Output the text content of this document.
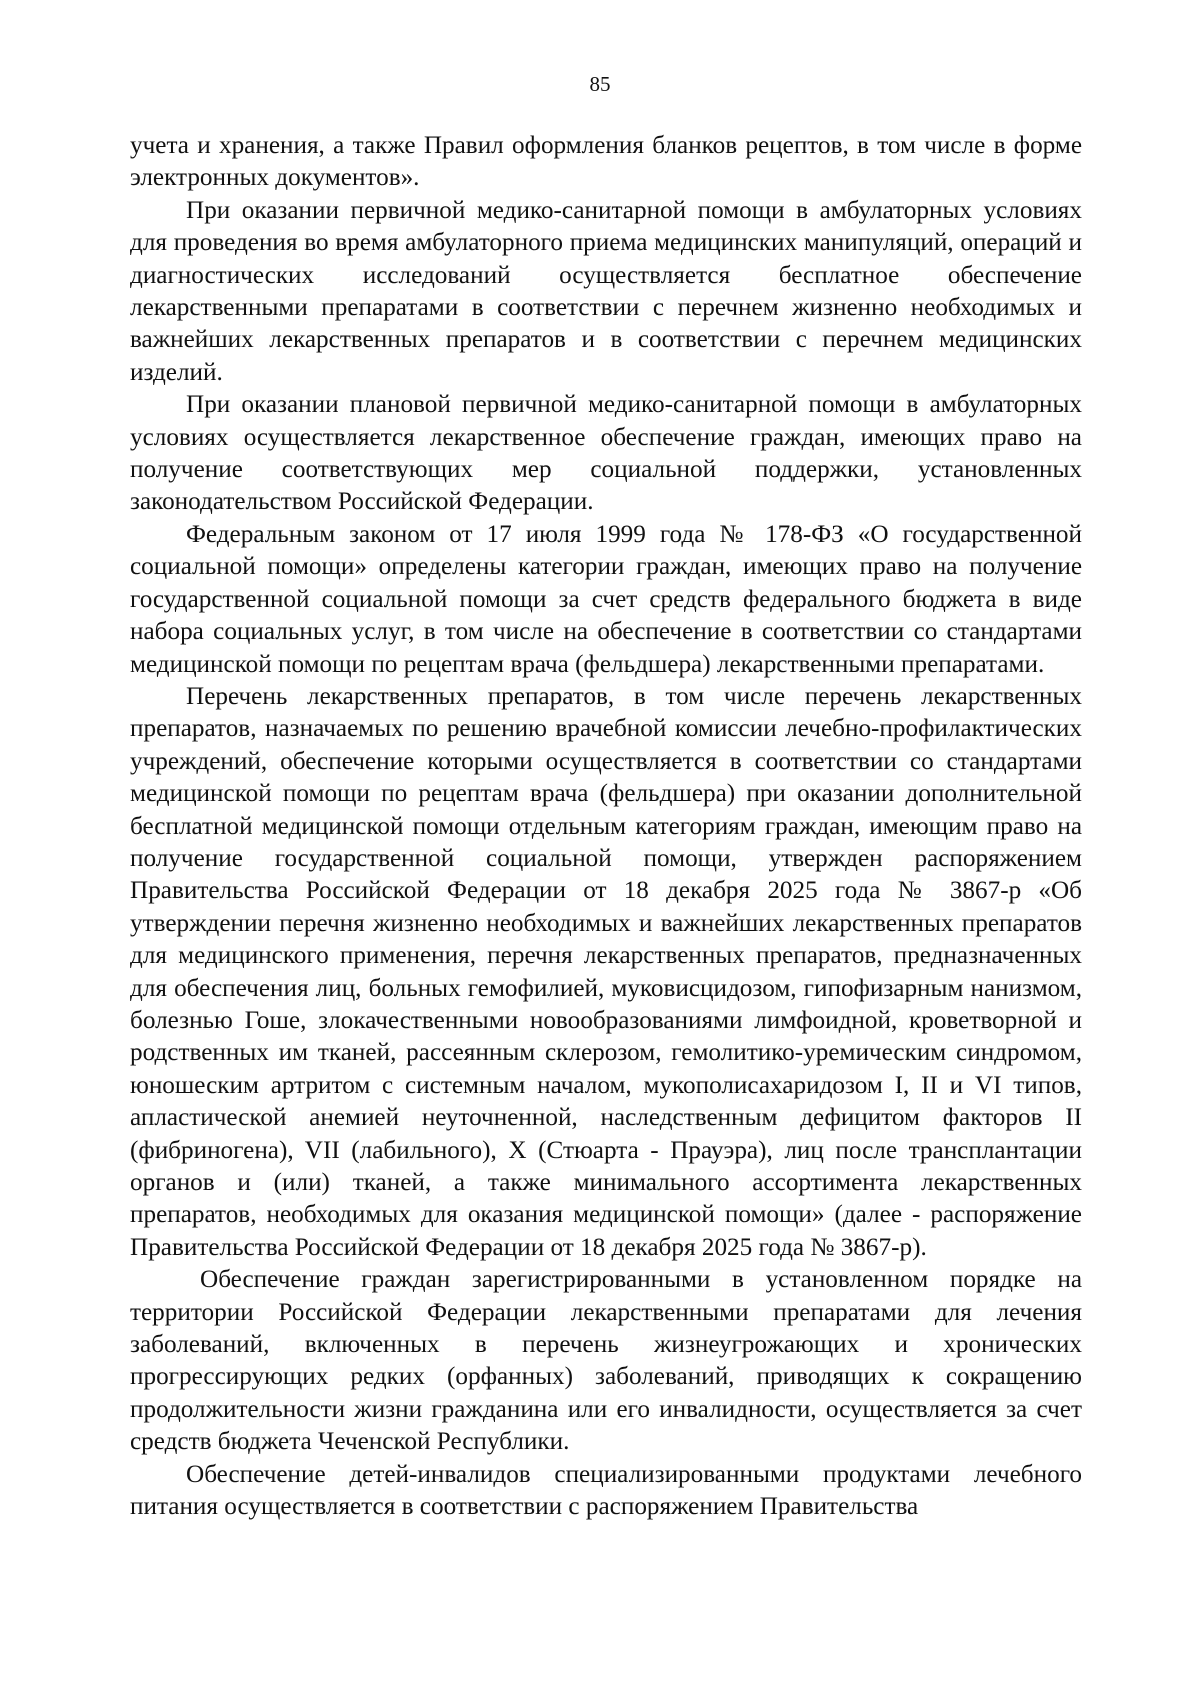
85

учета и хранения, а также Правил оформления бланков рецептов, в том числе в форме электронных документов».

При оказании первичной медико-санитарной помощи в амбулаторных условиях для проведения во время амбулаторного приема медицинских манипуляций, операций и диагностических исследований осуществляется бесплатное обеспечение лекарственными препаратами в соответствии с перечнем жизненно необходимых и важнейших лекарственных препаратов и в соответствии с перечнем медицинских изделий.

При оказании плановой первичной медико-санитарной помощи в амбулаторных условиях осуществляется лекарственное обеспечение граждан, имеющих право на получение соответствующих мер социальной поддержки, установленных законодательством Российской Федерации.

Федеральным законом от 17 июля 1999 года № 178-ФЗ «О государственной социальной помощи» определены категории граждан, имеющих право на получение государственной социальной помощи за счет средств федерального бюджета в виде набора социальных услуг, в том числе на обеспечение в соответствии со стандартами медицинской помощи по рецептам врача (фельдшера) лекарственными препаратами.

Перечень лекарственных препаратов, в том числе перечень лекарственных препаратов, назначаемых по решению врачебной комиссии лечебно-профилактических учреждений, обеспечение которыми осуществляется в соответствии со стандартами медицинской помощи по рецептам врача (фельдшера) при оказании дополнительной бесплатной медицинской помощи отдельным категориям граждан, имеющим право на получение государственной социальной помощи, утвержден распоряжением Правительства Российской Федерации от 18 декабря 2025 года № 3867-р «Об утверждении перечня жизненно необходимых и важнейших лекарственных препаратов для медицинского применения, перечня лекарственных препаратов, предназначенных для обеспечения лиц, больных гемофилией, муковисцидозом, гипофизарным нанизмом, болезнью Гоше, злокачественными новообразованиями лимфоидной, кроветворной и родственных им тканей, рассеянным склерозом, гемолитико-уремическим синдромом, юношеским артритом с системным началом, мукополисахаридозом I, II и VI типов, апластической анемией неуточненной, наследственным дефицитом факторов II (фибриногена), VII (лабильного), X (Стюарта - Прауэра), лиц после трансплантации органов и (или) тканей, а также минимального ассортимента лекарственных препаратов, необходимых для оказания медицинской помощи» (далее - распоряжение Правительства Российской Федерации от 18 декабря 2025 года № 3867-р).

Обеспечение граждан зарегистрированными в установленном порядке на территории Российской Федерации лекарственными препаратами для лечения заболеваний, включенных в перечень жизнеугрожающих и хронических прогрессирующих редких (орфанных) заболеваний, приводящих к сокращению продолжительности жизни гражданина или его инвалидности, осуществляется за счет средств бюджета Чеченской Республики.

Обеспечение детей-инвалидов специализированными продуктами лечебного питания осуществляется в соответствии с распоряжением Правительства
